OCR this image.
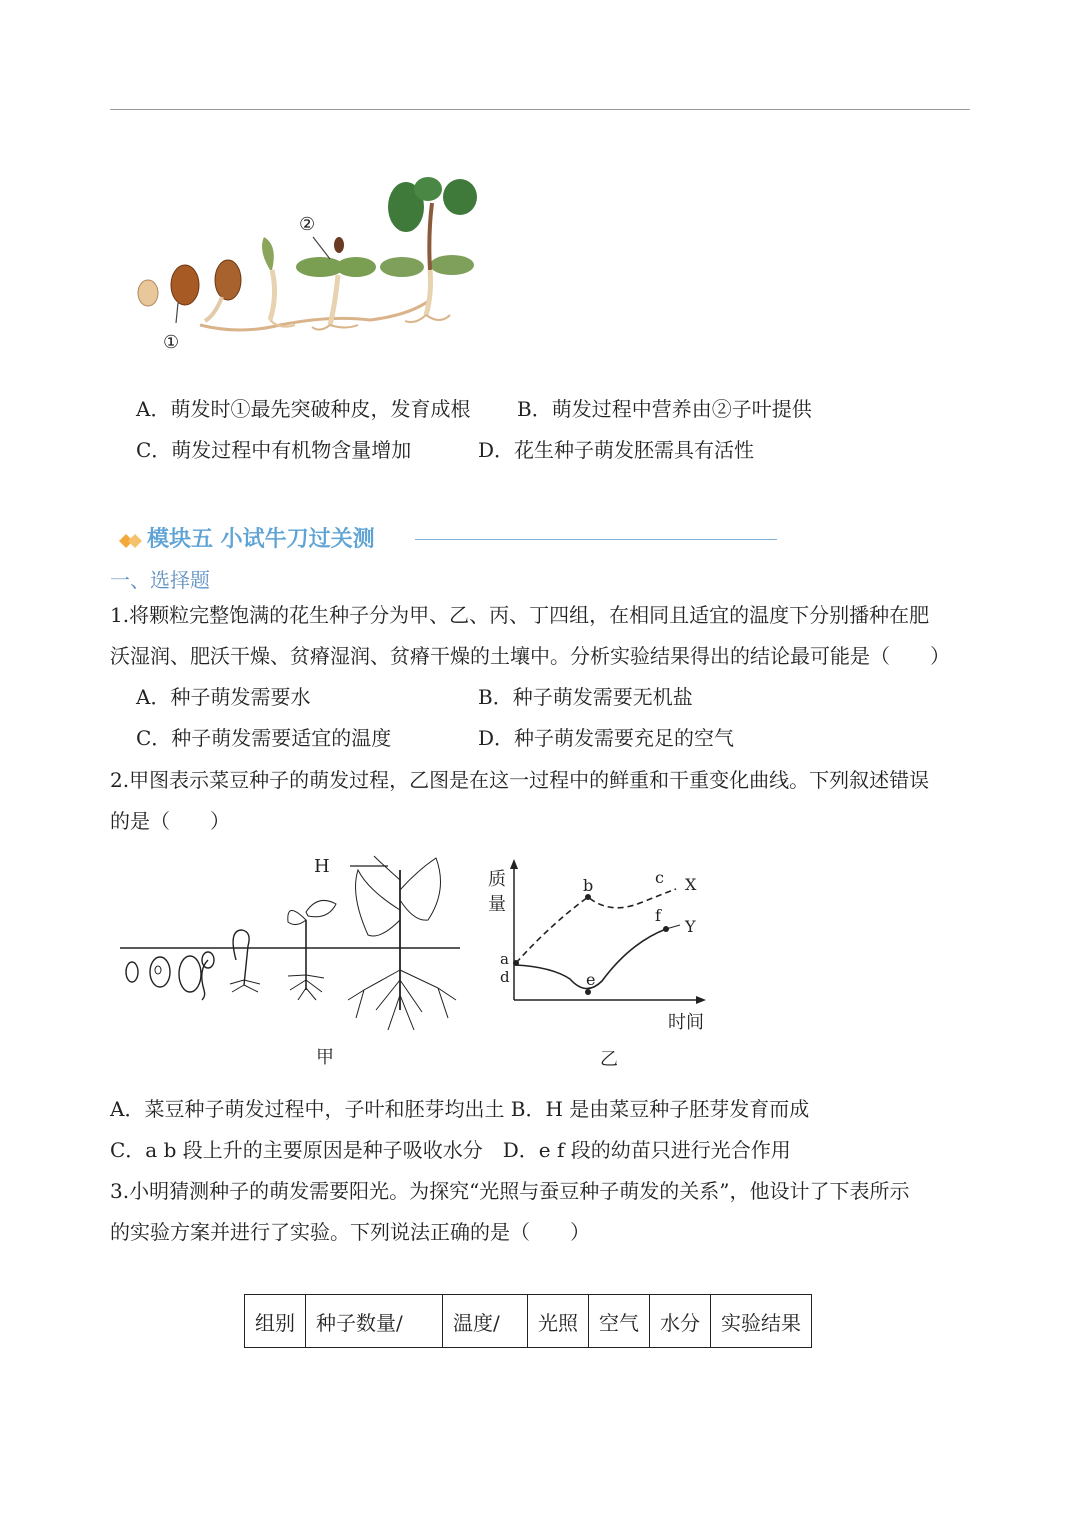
①
②
A．萌发时①最先突破种皮，发育成根 B．萌发过程中营养由②子叶提供
C．萌发过程中有机物含量增加	D．花生种子萌发胚需具有活性
模块五 小试牛刀过关测
一、选择题
1.将颗粒完整饱满的花生种子分为甲、乙、丙、丁四组，在相同且适宜的温度下分别播种在肥
沃湿润、肥沃干燥、贫瘠湿润、贫瘠干燥的土壤中。分析实验结果得出的结论最可能是（　　）
A．种子萌发需要水	B．种子萌发需要无机盐
C．种子萌发需要适宜的温度	D．种子萌发需要充足的空气
2.甲图表示菜豆种子的萌发过程，乙图是在这一过程中的鲜重和干重变化曲线。下列叙述错误
的是（　　）
H
甲
质
量
时间
a
d
b	c
e
f
X
Y
乙
A．菜豆种子萌发过程中，子叶和胚芽均出土 B．H 是由菜豆种子胚芽发育而成
C．a b 段上升的主要原因是种子吸收水分　D．e f 段的幼苗只进行光合作用
3.小明猜测种子的萌发需要阳光。为探究“光照与蚕豆种子萌发的关系”，他设计了下表所示
的实验方案并进行了实验。下列说法正确的是（　　）
组别	种子数量/	温度/	光照	空气	水分	实验结果
